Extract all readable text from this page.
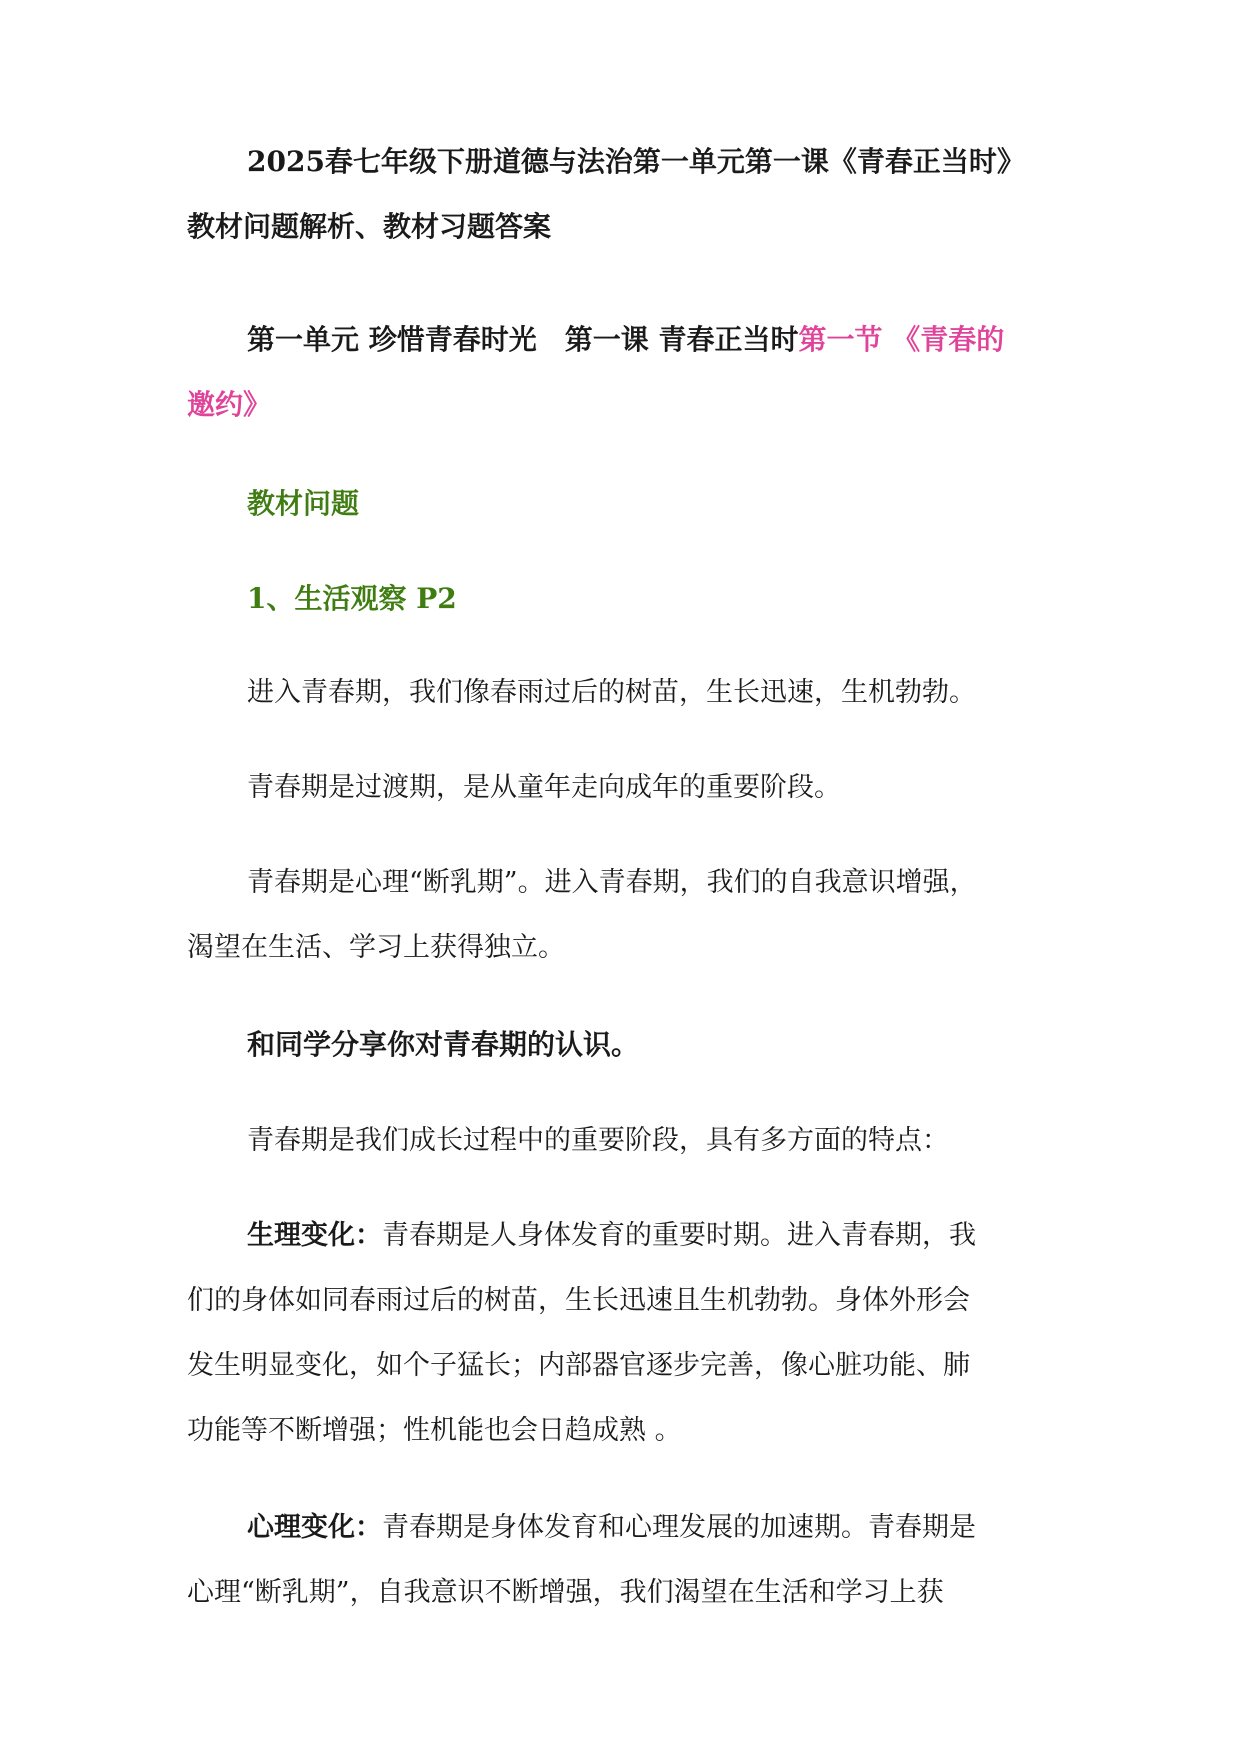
2025春七年级下册道德与法治第一单元第一课《青春正当时》
教材问题解析、教材习题答案
第一单元 珍惜青春时光　第一课 青春正当时第一节 《青春的
邀约》
教材问题
1、生活观察 P2
进入青春期，我们像春雨过后的树苗，生长迅速，生机勃勃。
青春期是过渡期，是从童年走向成年的重要阶段。
青春期是心理“断乳期”。进入青春期，我们的自我意识增强，
渴望在生活、学习上获得独立。
和同学分享你对青春期的认识。
青春期是我们成长过程中的重要阶段，具有多方面的特点：
生理变化：青春期是人身体发育的重要时期。进入青春期，我
们的身体如同春雨过后的树苗，生长迅速且生机勃勃。身体外形会
发生明显变化，如个子猛长；内部器官逐步完善，像心脏功能、肺
功能等不断增强；性机能也会日趋成熟 。
心理变化：青春期是身体发育和心理发展的加速期。青春期是
心理“断乳期”，自我意识不断增强，我们渴望在生活和学习上获
